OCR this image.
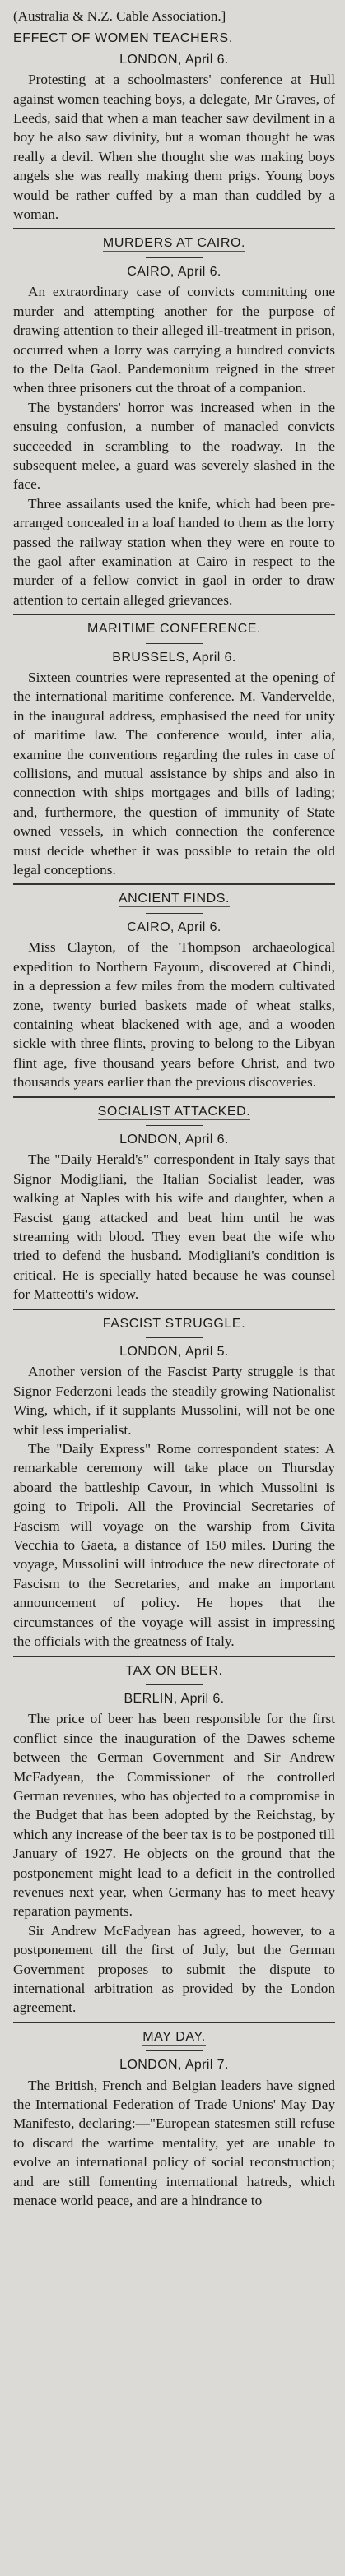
(Australia & N.Z. Cable Association.]

EFFECT OF WOMEN TEACHERS.
LONDON, April 6.

Protesting at a schoolmasters' conference at Hull against women teaching boys, a delegate, Mr Graves, of Leeds, said that when a man teacher saw devilment in a boy he also saw divinity, but a woman thought he was really a devil. When she thought she was making boys angels she was really making them prigs. Young boys would be rather cuffed by a man than cuddled by a woman.

MURDERS AT CAIRO.
CAIRO, April 6.

An extraordinary case of convicts committing one murder and attempting another for the purpose of drawing attention to their alleged ill-treatment in prison, occurred when a lorry was carrying a hundred convicts to the Delta Gaol. Pandemonium reigned in the street when three prisoners cut the throat of a companion.

The bystanders' horror was increased when in the ensuing confusion, a number of manacled convicts succeeded in scrambling to the roadway. In the subsequent melee, a guard was severely slashed in the face.

Three assailants used the knife, which had been pre-arranged concealed in a loaf handed to them as the lorry passed the railway station when they were en route to the gaol after examination at Cairo in respect to the murder of a fellow convict in gaol in order to draw attention to certain alleged grievances.

MARITIME CONFERENCE.
BRUSSELS, April 6.

Sixteen countries were represented at the opening of the international maritime conference. M. Vandervelde, in the inaugural address, emphasised the need for unity of maritime law. The conference would, inter alia, examine the conventions regarding the rules in case of collisions, and mutual assistance by ships and also in connection with ships mortgages and bills of lading; and, furthermore, the question of immunity of State owned vessels, in which connection the conference must decide whether it was possible to retain the old legal conceptions.

ANCIENT FINDS.
CAIRO, April 6.

Miss Clayton, of the Thompson archaeological expedition to Northern Fayoum, discovered at Chindi, in a depression a few miles from the modern cultivated zone, twenty buried baskets made of wheat stalks, containing wheat blackened with age, and a wooden sickle with three flints, proving to belong to the Libyan flint age, five thousand years before Christ, and two thousands years earlier than the previous discoveries.

SOCIALIST ATTACKED.
LONDON, April 6.

The "Daily Herald's" correspondent in Italy says that Signor Modigliani, the Italian Socialist leader, was walking at Naples with his wife and daughter, when a Fascist gang attacked and beat him until he was streaming with blood. They even beat the wife who tried to defend the husband. Modigliani's condition is critical. He is specially hated because he was counsel for Matteotti's widow.

FASCIST STRUGGLE.
LONDON, April 5.

Another version of the Fascist Party struggle is that Signor Federzoni leads the steadily growing Nationalist Wing, which, if it supplants Mussolini, will not be one whit less imperialist.

The "Daily Express" Rome correspondent states: A remarkable ceremony will take place on Thursday aboard the battleship Cavour, in which Mussolini is going to Tripoli. All the Provincial Secretaries of Fascism will voyage on the warship from Civita Vecchia to Gaeta, a distance of 150 miles. During the voyage, Mussolini will introduce the new directorate of Fascism to the Secretaries, and make an important announcement of policy. He hopes that the circumstances of the voyage will assist in impressing the officials with the greatness of Italy.

TAX ON BEER.
BERLIN, April 6.

The price of beer has been responsible for the first conflict since the inauguration of the Dawes scheme between the German Government and Sir Andrew McFadyean, the Commissioner of the controlled German revenues, who has objected to a compromise in the Budget that has been adopted by the Reichstag, by which any increase of the beer tax is to be postponed till January of 1927. He objects on the ground that the postponement might lead to a deficit in the controlled revenues next year, when Germany has to meet heavy reparation payments.

Sir Andrew McFadyean has agreed, however, to a postponement till the first of July, but the German Government proposes to submit the dispute to international arbitration as provided by the London agreement.

MAY DAY.
LONDON, April 7.

The British, French and Belgian leaders have signed the International Federation of Trade Unions' May Day Manifesto, declaring:—"European statesmen still refuse to discard the wartime mentality, yet are unable to evolve an international policy of social reconstruction; and are still fomenting international hatreds, which menace world peace, and are a hindrance to
